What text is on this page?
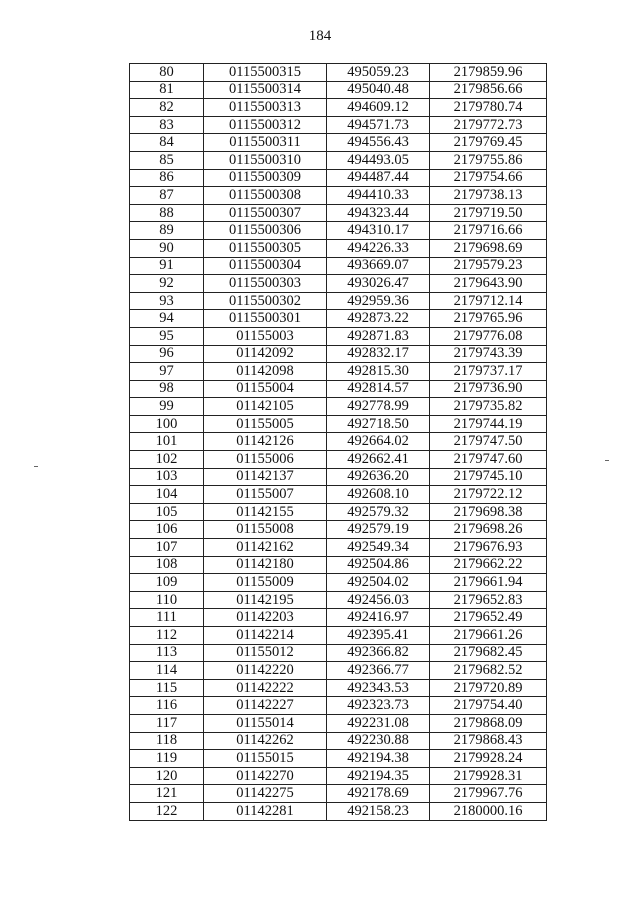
184
80	0115500315	495059.23	2179859.96
81	0115500314	495040.48	2179856.66
82	0115500313	494609.12	2179780.74
83	0115500312	494571.73	2179772.73
84	0115500311	494556.43	2179769.45
85	0115500310	494493.05	2179755.86
86	0115500309	494487.44	2179754.66
87	0115500308	494410.33	2179738.13
88	0115500307	494323.44	2179719.50
89	0115500306	494310.17	2179716.66
90	0115500305	494226.33	2179698.69
91	0115500304	493669.07	2179579.23
92	0115500303	493026.47	2179643.90
93	0115500302	492959.36	2179712.14
94	0115500301	492873.22	2179765.96
95	01155003	492871.83	2179776.08
96	01142092	492832.17	2179743.39
97	01142098	492815.30	2179737.17
98	01155004	492814.57	2179736.90
99	01142105	492778.99	2179735.82
100	01155005	492718.50	2179744.19
101	01142126	492664.02	2179747.50
102	01155006	492662.41	2179747.60
103	01142137	492636.20	2179745.10
104	01155007	492608.10	2179722.12
105	01142155	492579.32	2179698.38
106	01155008	492579.19	2179698.26
107	01142162	492549.34	2179676.93
108	01142180	492504.86	2179662.22
109	01155009	492504.02	2179661.94
110	01142195	492456.03	2179652.83
111	01142203	492416.97	2179652.49
112	01142214	492395.41	2179661.26
113	01155012	492366.82	2179682.45
114	01142220	492366.77	2179682.52
115	01142222	492343.53	2179720.89
116	01142227	492323.73	2179754.40
117	01155014	492231.08	2179868.09
118	01142262	492230.88	2179868.43
119	01155015	492194.38	2179928.24
120	01142270	492194.35	2179928.31
121	01142275	492178.69	2179967.76
122	01142281	492158.23	2180000.16
